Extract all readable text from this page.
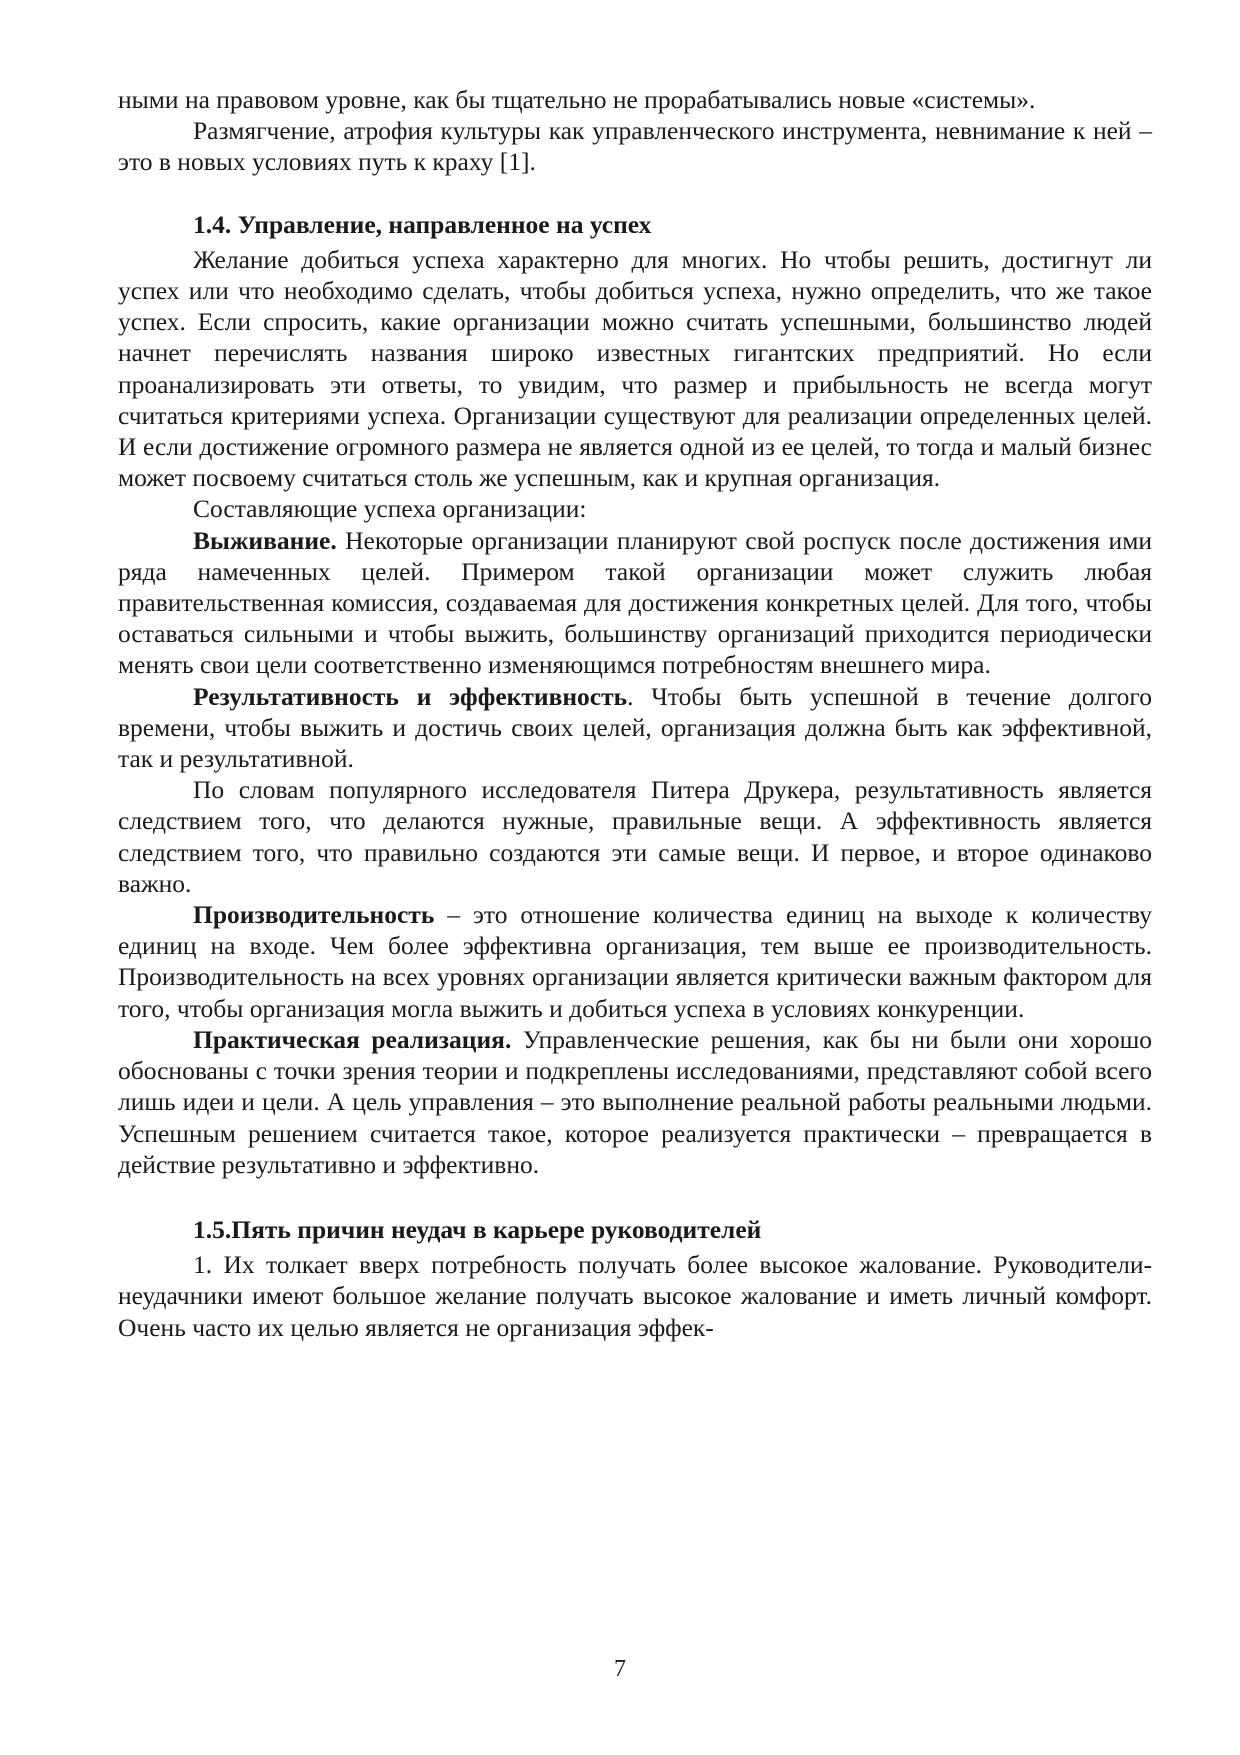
ными на правовом уровне, как бы тщательно не прорабатывались новые «системы».

Размягчение, атрофия культуры как управленческого инструмента, невнимание к ней – это в новых условиях путь к краху [1].

1.4. Управление, направленное на успех

Желание добиться успеха характерно для многих. Но чтобы решить, достигнут ли успех или что необходимо сделать, чтобы добиться успеха, нужно определить, что же такое успех. Если спросить, какие организации можно считать успешными, большинство людей начнет перечислять названия широко известных гигантских предприятий. Но если проанализировать эти ответы, то увидим, что размер и прибыльность не всегда могут считаться критериями успеха. Организации существуют для реализации определенных целей. И если достижение огромного размера не является одной из ее целей, то тогда и малый бизнес может посвоему считаться столь же успешным, как и крупная организация.

Составляющие успеха организации:

Выживание. Некоторые организации планируют свой роспуск после достижения ими ряда намеченных целей. Примером такой организации может служить любая правительственная комиссия, создаваемая для достижения конкретных целей. Для того, чтобы оставаться сильными и чтобы выжить, большинству организаций приходится периодически менять свои цели соответственно изменяющимся потребностям внешнего мира.

Результативность и эффективность. Чтобы быть успешной в течение долгого времени, чтобы выжить и достичь своих целей, организация должна быть как эффективной, так и результативной.

По словам популярного исследователя Питера Друкера, результативность является следствием того, что делаются нужные, правильные вещи. А эффективность является следствием того, что правильно создаются эти самые вещи. И первое, и второе одинаково важно.

Производительность – это отношение количества единиц на выходе к количеству единиц на входе. Чем более эффективна организация, тем выше ее производительность. Производительность на всех уровнях организации является критически важным фактором для того, чтобы организация могла выжить и добиться успеха в условиях конкуренции.

Практическая реализация. Управленческие решения, как бы ни были они хорошо обоснованы с точки зрения теории и подкреплены исследованиями, представляют собой всего лишь идеи и цели. А цель управления – это выполнение реальной работы реальными людьми. Успешным решением считается такое, которое реализуется практически – превращается в действие результативно и эффективно.

1.5.Пять причин неудач в карьере руководителей

1. Их толкает вверх потребность получать более высокое жалование. Руководители-неудачники имеют большое желание получать высокое жалование и иметь личный комфорт. Очень часто их целью является не организация эффек-

7
